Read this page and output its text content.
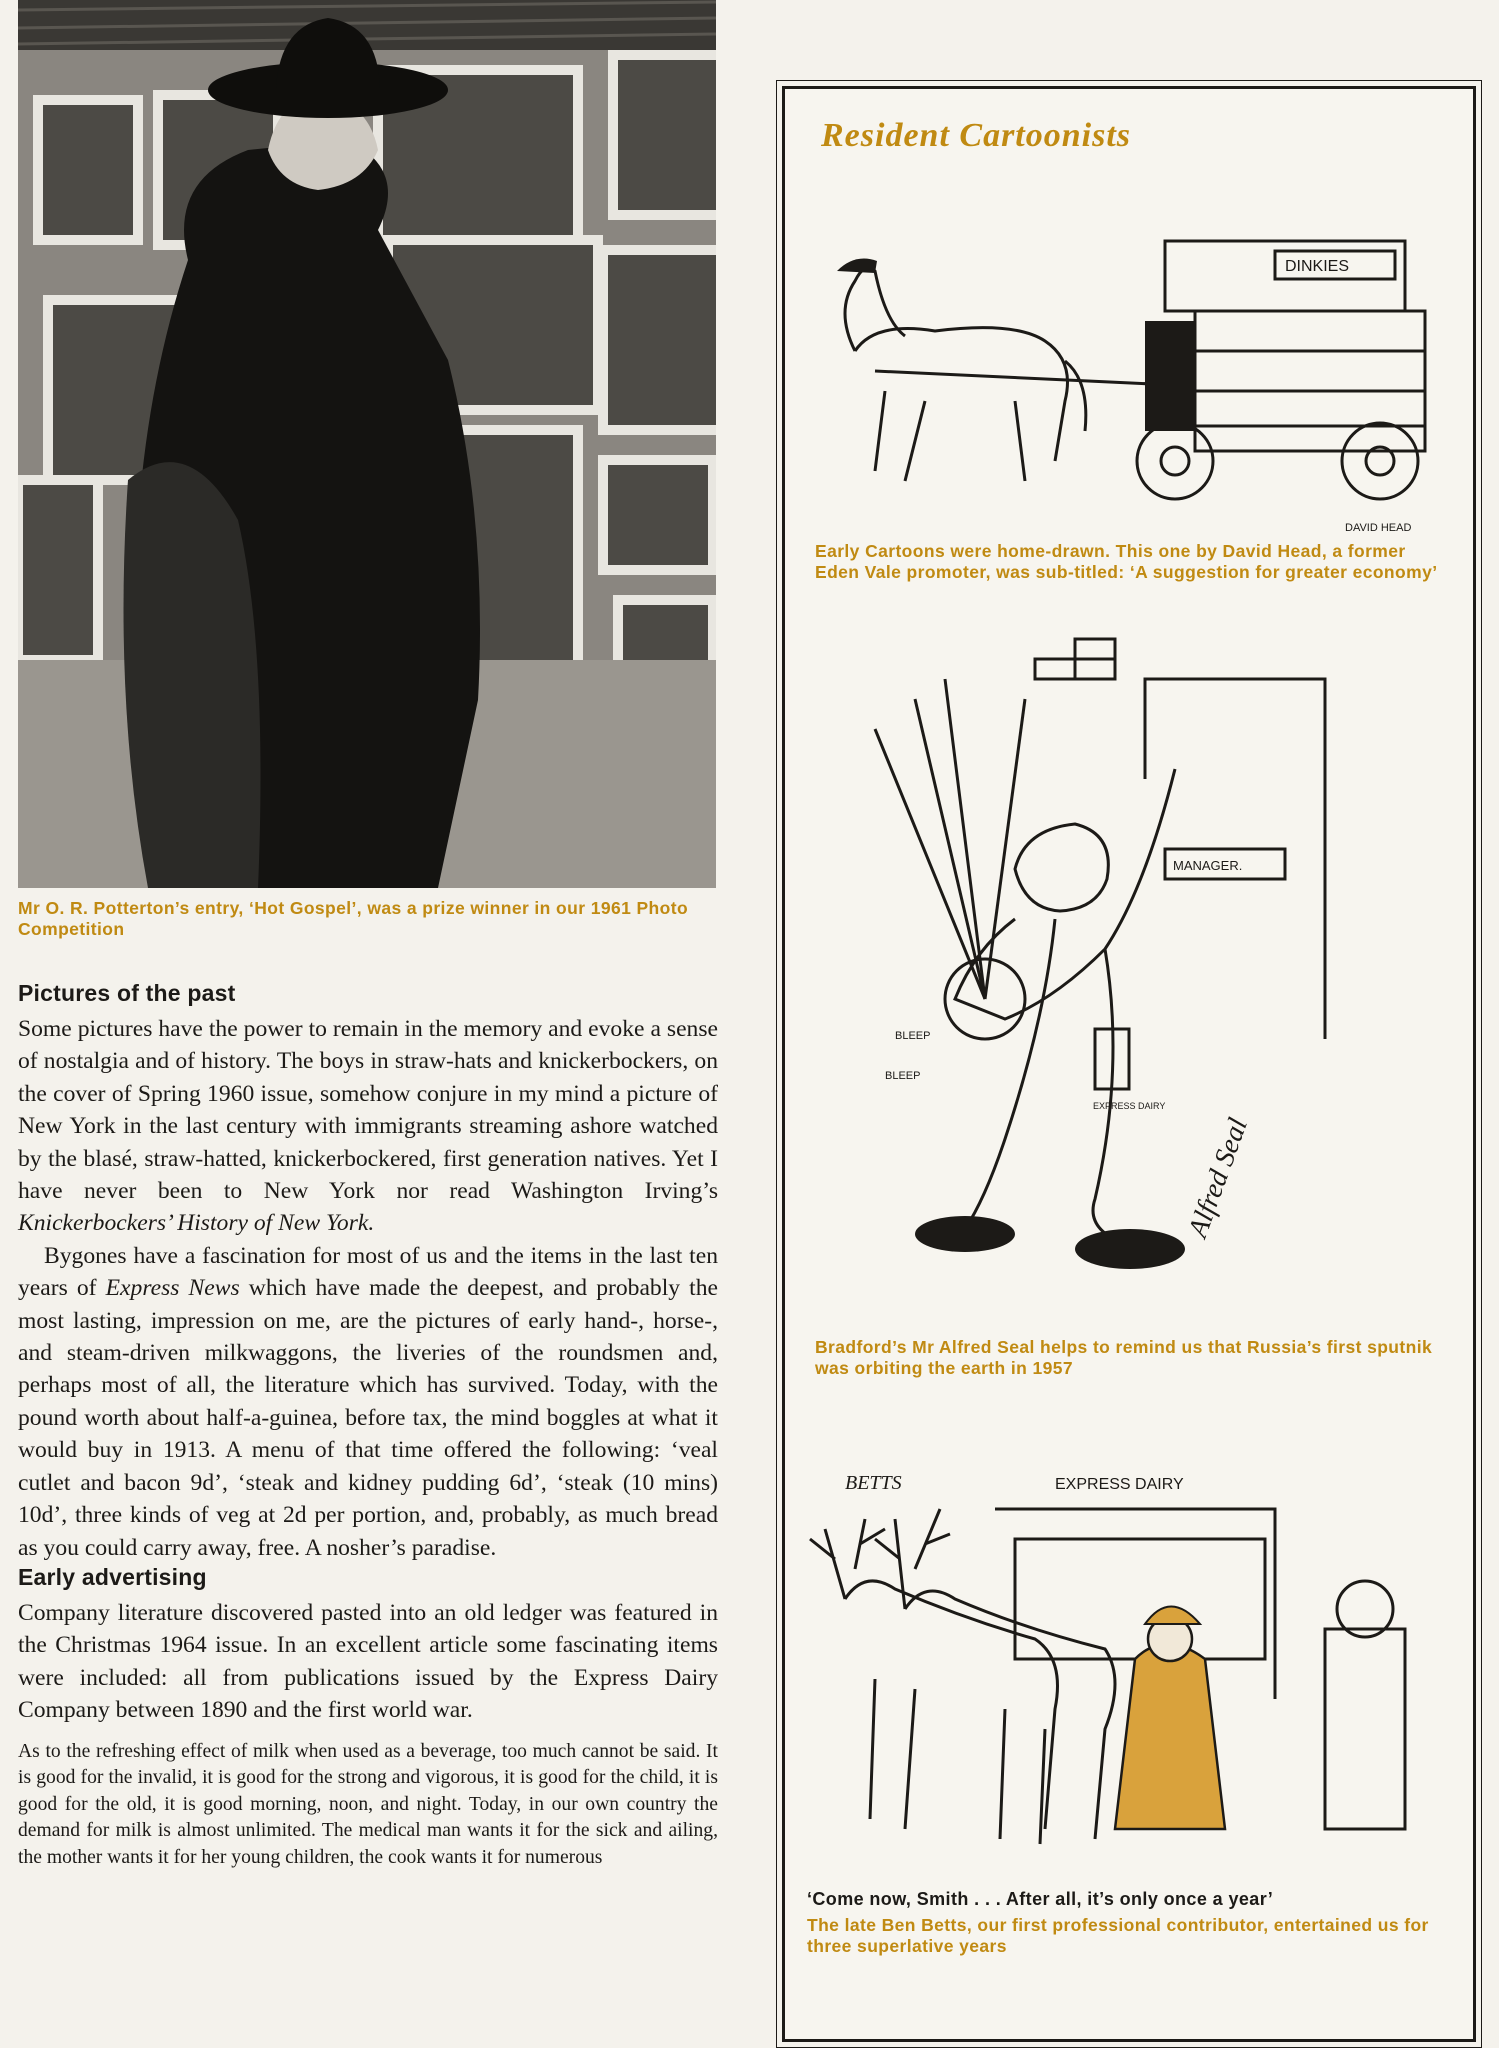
Mr O. R. Potterton’s entry, ‘Hot Gospel’, was a prize winner in our 1961 Photo Competition
Pictures of the past

Some pictures have the power to remain in the memory and evoke a sense of nostalgia and of history. The boys in straw-hats and knickerbockers, on the cover of Spring 1960 issue, somehow conjure in my mind a picture of New York in the last century with immigrants streaming ashore watched by the blasé, straw-hatted, knickerbockered, first generation natives. Yet I have never been to New York nor read Washington Irving’s Knickerbockers’ History of New York.

Bygones have a fascination for most of us and the items in the last ten years of Express News which have made the deepest, and probably the most lasting, impression on me, are the pictures of early hand-, horse-, and steam-driven milkwaggons, the liveries of the roundsmen and, perhaps most of all, the literature which has survived. Today, with the pound worth about half-a-guinea, before tax, the mind boggles at what it would buy in 1913. A menu of that time offered the following: ‘veal cutlet and bacon 9d’, ‘steak and kidney pudding 6d’, ‘steak (10 mins) 10d’, three kinds of veg at 2d per portion, and, probably, as much bread as you could carry away, free. A nosher’s paradise.

Early advertising

Company literature discovered pasted into an old ledger was featured in the Christmas 1964 issue. In an excellent article some fascinating items were included: all from publications issued by the Express Dairy Company between 1890 and the first world war.

As to the refreshing effect of milk when used as a beverage, too much cannot be said. It is good for the invalid, it is good for the strong and vigorous, it is good for the child, it is good for the old, it is good morning, noon, and night. Today, in our own country the demand for milk is almost unlimited. The medical man wants it for the sick and ailing, the mother wants it for her young children, the cook wants it for numerous

Resident Cartoonists
DINKIES
DAVID HEAD
Early Cartoons were home-drawn. This one by David Head, a former Eden Vale promoter, was sub-titled: ‘A suggestion for greater economy’
MANAGER.
EXPRESS DAIRY
BLEEP
BLEEP
Alfred Seal
Bradford’s Mr Alfred Seal helps to remind us that Russia’s first sputnik was orbiting the earth in 1957
EXPRESS DAIRY
BETTS
‘Come now, Smith . . . After all, it’s only once a year’
The late Ben Betts, our first professional contributor, entertained us for three superlative years
